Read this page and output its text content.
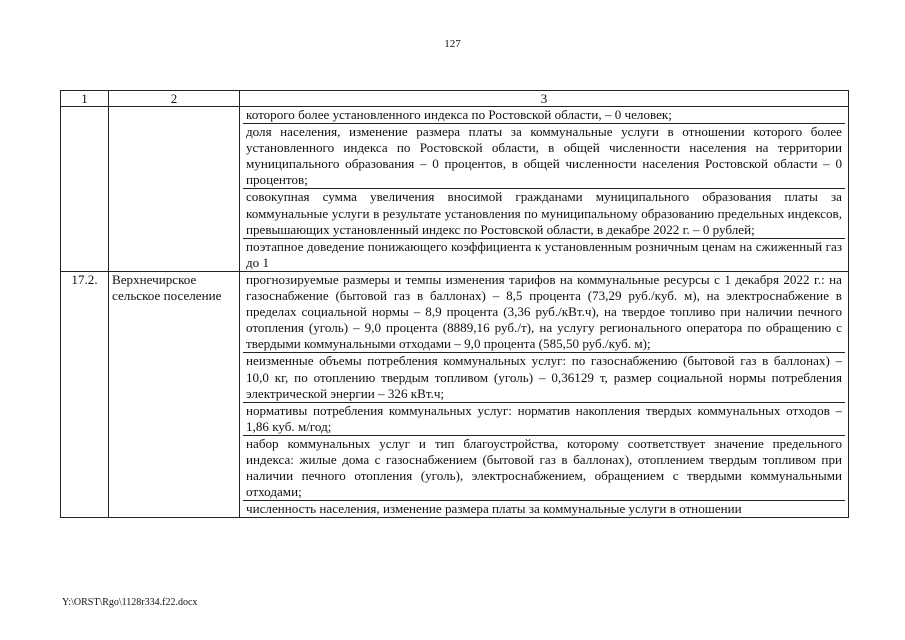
127
1	2	3

		которого более установленного индекса по Ростовской области, – 0 человек;
доля населения, изменение размера платы за коммунальные услуги в отношении которого более установленного индекса по Ростовской области, в общей численности населения на территории муниципального образования – 0 процентов, в общей численности населения Ростовской области – 0 процентов;
совокупная сумма увеличения вносимой гражданами муниципального образования платы за коммунальные услуги в результате установления по муниципальному образованию предельных индексов, превышающих установленный индекс по Ростовской области, в декабре 2022 г. – 0 рублей;
поэтапное доведение понижающего коэффициента к установленным розничным ценам на сжиженный газ до 1

17.2.	Верхнечирское сельское поселение	прогнозируемые размеры и темпы изменения тарифов на коммунальные ресурсы с 1 декабря 2022 г.: на газоснабжение (бытовой газ в баллонах) – 8,5 процента (73,29 руб./куб. м), на электроснабжение в пределах социальной нормы – 8,9 процента (3,36 руб./кВт.ч), на твердое топливо при наличии печного отопления (уголь) – 9,0 процента (8889,16 руб./т), на услугу регионального оператора по обращению с твердыми коммунальными отходами – 9,0 процента (585,50 руб./куб. м);
неизменные объемы потребления коммунальных услуг: по газоснабжению (бытовой газ в баллонах) – 10,0 кг, по отоплению твердым топливом (уголь) – 0,36129 т, размер социальной нормы потребления электрической энергии – 326 кВт.ч;
нормативы потребления коммунальных услуг: норматив накопления твердых коммунальных отходов – 1,86 куб. м/год;
набор коммунальных услуг и тип благоустройства, которому соответствует значение предельного индекса: жилые дома с газоснабжением (бытовой газ в баллонах), отоплением твердым топливом при наличии печного отопления (уголь), электроснабжением, обращением с твердыми коммунальными отходами;
численность населения, изменение размера платы за коммунальные услуги в отношении
Y:\ORST\Rgo\1128r334.f22.docx
